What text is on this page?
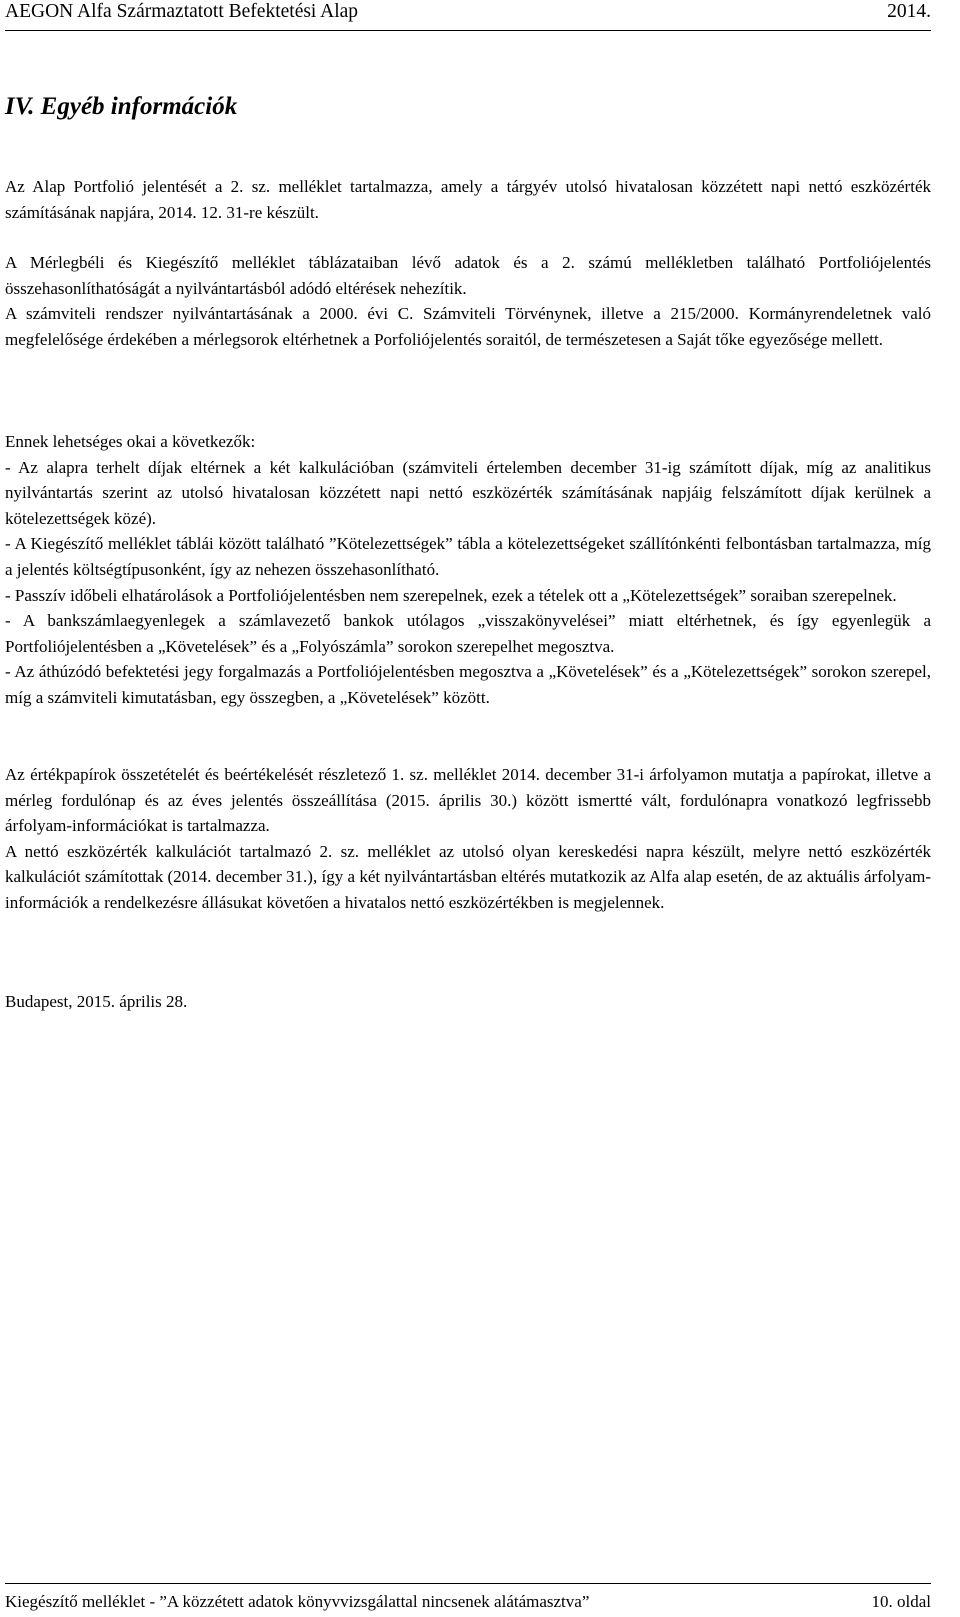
AEGON Alfa Származtatott Befektetési Alap	2014.
IV. Egyéb információk

Az Alap Portfolió jelentését a 2. sz. melléklet tartalmazza, amely a tárgyév utolsó hivatalosan közzétett napi nettó eszközérték számításának napjára, 2014. 12. 31-re készült.

A Mérlegbéli és Kiegészítő melléklet táblázataiban lévő adatok és a 2. számú mellékletben található Portfoliójelentés összehasonlíthatóságát a nyilvántartásból adódó eltérések nehezítik.

A számviteli rendszer nyilvántartásának a 2000. évi C. Számviteli Törvénynek, illetve a 215/2000. Kormányrendeletnek való megfelelősége érdekében a mérlegsorok eltérhetnek a Porfoliójelentés soraitól, de természetesen a Saját tőke egyezősége mellett.

Ennek lehetséges okai a következők:

- Az alapra terhelt díjak eltérnek a két kalkulációban (számviteli értelemben december 31-ig számított díjak, míg az analitikus nyilvántartás szerint az utolsó hivatalosan közzétett napi nettó eszközérték számításának napjáig felszámított díjak kerülnek a kötelezettségek közé).

- A Kiegészítő melléklet táblái között található ”Kötelezettségek” tábla a kötelezettségeket szállítónkénti felbontásban tartalmazza, míg a jelentés költségtípusonként, így az nehezen összehasonlítható.

- Passzív időbeli elhatárolások a Portfoliójelentésben nem szerepelnek, ezek a tételek ott a „Kötelezettségek” soraiban szerepelnek.

- A bankszámlaegyenlegek a számlavezető bankok utólagos „visszakönyvelései” miatt eltérhetnek, és így egyenlegük a Portfoliójelentésben a „Követelések” és a „Folyószámla” sorokon szerepelhet megosztva.

- Az áthúzódó befektetési jegy forgalmazás a Portfoliójelentésben megosztva a „Követelések” és a „Kötelezettségek” sorokon szerepel, míg a számviteli kimutatásban, egy összegben, a „Követelések” között.

Az értékpapírok összetételét és beértékelését részletező 1. sz. melléklet 2014. december 31-i árfolyamon mutatja a papírokat, illetve a mérleg fordulónap és az éves jelentés összeállítása (2015. április 30.) között ismertté vált, fordulónapra vonatkozó legfrissebb árfolyam-információkat is tartalmazza.

A nettó eszközérték kalkulációt tartalmazó 2. sz. melléklet az utolsó olyan kereskedési napra készült, melyre nettó eszközérték kalkulációt számítottak (2014. december 31.), így a két nyilvántartásban eltérés mutatkozik az Alfa alap esetén, de az aktuális árfolyam-információk a rendelkezésre állásukat követően a hivatalos nettó eszközértékben is megjelennek.

Budapest, 2015. április 28.

Kiegészítő melléklet - ”A közzétett adatok könyvvizsgálattal nincsenek alátámasztva”	10. oldal
